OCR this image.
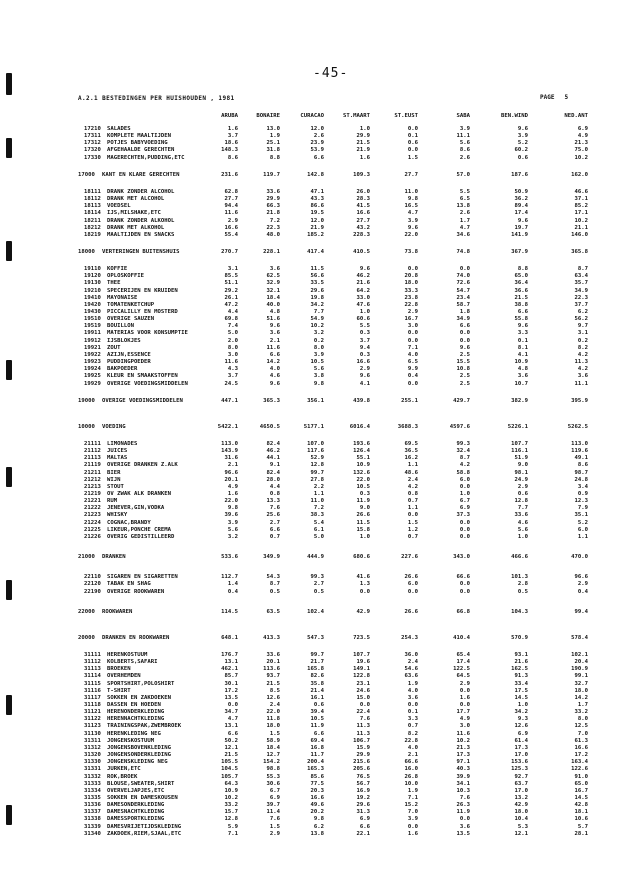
-45-
A.2.1 BESTEDINGEN PER HUISHOUDEN , 1981	PAGE 5
ARUBA	BONAIRE	CURACAO	ST.MAART	ST.EUST	SABA	BEN.WIND	NED.ANT
17210	SALADES	1.6	13.0	12.0	1.0	0.0	3.9	9.6	6.9
17311	KOMPLETE MAALTIJDEN	3.7	1.9	2.6	29.9	0.1	11.1	3.9	4.9
17312	POTJES BABYVOEDING	18.6	25.1	23.9	21.5	0.6	5.6	5.2	21.3
17320	AFGEHAALDE GERECHTEN	148.3	31.8	53.9	21.9	0.0	8.6	60.2	75.0
17330	MAGERECHTEN,PUDDING,ETC	8.6	8.8	6.6	1.6	1.5	2.6	0.6	10.2
17000	KANT EN KLARE GERECHTEN	231.6	119.7	142.8	109.3	27.7	57.0	187.6	162.0
18111	DRANK ZONDER ALCOHOL	62.8	33.6	47.1	26.0	11.0	5.5	50.9	46.6
18112	DRANK MET ALCOHOL	27.7	29.9	43.3	28.3	9.8	6.5	36.2	37.1
18113	VOEDSEL	94.4	66.3	86.6	41.5	16.5	13.8	89.4	85.2
18114	IJS,MILSHAKE,ETC	11.6	21.8	19.5	16.6	4.7	2.6	17.4	17.1
18211	DRANK ZONDER ALKOHOL	2.9	7.2	12.0	27.7	3.9	1.7	9.6	10.2
18212	DRANK MET ALKOHOL	16.6	22.3	21.9	43.2	9.6	4.7	19.7	21.1
18219	MAALTIJDEN EN SNACKS	55.4	48.0	185.2	228.3	22.0	34.6	141.9	146.0
18000	VERTERINGEN BUITENSHUIS	270.7	228.1	417.4	410.5	73.8	74.8	367.9	365.8
19110	KOFFIE	3.1	3.6	11.5	9.6	0.0	0.0	8.8	8.7
19120	OPLOSKOFFIE	85.5	62.5	56.6	46.2	20.8	74.0	65.0	63.4
19130	THEE	51.1	32.9	33.5	21.6	18.0	72.6	36.4	35.7
19210	SPECERIJEN EN KRUIDEN	29.2	32.1	29.6	64.2	33.3	54.7	36.6	34.9
19410	MAYONAISE	26.1	18.4	19.8	33.0	23.8	23.4	21.5	22.3
19420	TOMATENKETCHUP	47.2	40.0	34.2	47.6	22.8	58.7	38.8	37.7
19430	PICCALILLY EN MOSTERD	4.4	4.8	7.7	1.0	2.9	1.8	6.6	6.2
19510	OVERIGE SAUZEN	69.8	51.6	54.9	60.6	16.7	34.9	55.8	56.2
19519	BOUILLON	7.4	9.6	10.2	5.5	3.0	6.6	9.6	9.7
19911	MATERIAS VOOR KONSUMPTIE	5.0	3.6	3.2	0.3	0.0	0.0	3.3	3.1
19912	IJSBLOKJES	2.0	2.1	0.2	3.7	0.0	0.0	0.1	0.2
19921	ZOUT	8.0	11.6	8.0	9.4	7.1	9.6	8.1	8.2
19922	AZIJN,ESSENCE	3.0	6.6	3.9	0.3	4.0	2.5	4.1	4.2
19923	PUDDINGPOEDER	11.6	14.2	10.5	16.6	6.5	15.5	10.9	11.3
19924	BAKPOEDER	4.3	4.0	5.6	2.9	9.9	10.8	4.8	4.2
19925	KLEUR EN SMAAKSTOFFEN	3.7	4.6	3.8	9.6	0.4	2.5	3.6	3.6
19929	OVERIGE VOEDINGSMIDDELEN	24.5	9.6	9.8	4.1	0.0	2.5	10.7	11.1
19000	OVERIGE VOEDINGSMIDDELEN	447.1	365.3	356.1	439.8	255.1	429.7	382.9	395.9
10000	VOEDING	5422.1	4650.5	5177.1	6016.4	3688.3	4597.6	5226.1	5262.5
21111	LIMONADES	113.0	82.4	107.0	193.6	69.5	99.3	107.7	113.0
21112	JUICES	143.9	46.2	117.6	126.4	36.5	32.4	116.1	119.6
21113	MALTAS	31.6	44.1	52.9	55.1	16.2	8.7	51.9	49.1
21119	OVERIGE DRANKEN Z.ALK	2.1	9.1	12.8	10.9	1.1	4.2	9.0	8.6
21211	BIER	96.6	82.4	99.7	132.6	48.6	58.8	98.1	98.7
21212	WIJN	20.1	28.0	27.8	22.0	2.4	6.0	24.9	24.8
21213	STOUT	4.9	4.4	2.2	10.5	4.2	0.0	2.9	3.4
21219	OV ZWAK ALK DRANKEN	1.6	0.8	1.1	0.3	0.8	1.0	0.6	0.9
21221	RUM	22.0	13.3	11.0	11.9	0.7	6.7	12.8	12.3
21222	JENEVER,GIN,VODKA	9.8	7.6	7.2	9.0	1.1	6.9	7.7	7.9
21223	WHISKY	39.6	25.6	38.3	26.6	0.0	37.3	33.6	35.1
21224	COGNAC,BRANDY	3.9	2.7	5.4	11.5	1.5	0.0	4.6	5.2
21225	LIKEUR,PONCHE CREMA	5.6	6.6	6.1	15.8	1.2	0.0	5.6	6.0
21226	OVERIG GEDISTILLEERD	3.2	0.7	5.0	1.0	0.7	0.0	1.0	1.1
21000	DRANKEN	533.6	349.9	444.9	680.6	227.6	343.0	466.6	470.0
22110	SIGAREN EN SIGARETTEN	112.7	54.3	99.3	41.6	26.6	66.6	101.3	96.6
22120	TABAK EN SHAG	1.4	8.7	2.7	1.3	6.0	0.0	2.8	2.9
22190	OVERIGE ROOKWAREN	0.4	0.5	0.5	0.0	0.0	0.0	0.5	0.4
22000	ROOKWAREN	114.5	63.5	102.4	42.9	26.6	66.8	104.3	99.4
20000	DRANKEN EN ROOKWAREN	648.1	413.3	547.3	723.5	254.3	410.4	570.9	578.4
31111	HERENKOSTUUM	176.7	33.6	99.7	107.7	36.0	65.4	93.1	102.1
31112	KOLBERTS,SAFARI	13.1	20.1	21.7	19.6	2.4	17.4	21.6	20.4
31113	BROEKEN	462.1	113.6	165.8	149.1	54.6	122.5	162.5	190.9
31114	OVERHEMDEN	85.7	93.7	82.6	122.8	63.6	64.5	91.3	99.1
31115	SPORTSHIRT,POLOSHIRT	30.1	21.5	35.8	23.1	1.9	2.9	33.4	32.7
31116	T-SHIRT	17.2	8.5	21.4	24.6	4.0	0.0	17.5	18.0
31117	SOKKEN EN ZAKDOEKEN	13.5	12.6	16.1	15.0	3.6	1.6	14.5	14.2
31118	DASSEN EN HOEDEN	0.0	2.4	0.6	0.0	0.0	0.0	1.0	1.7
31121	HERENONDERKLEDING	34.7	22.0	39.4	22.4	0.1	17.7	34.2	33.2
31122	HERENNACHTKLEDING	4.7	11.8	10.5	7.6	3.3	4.9	9.3	8.0
31123	TRAININGSPAK,ZWEMBROEK	13.1	18.0	11.9	11.3	0.7	3.0	12.6	12.5
31130	HERENKLEDING NEG	6.6	1.5	6.6	11.3	8.2	11.6	6.9	7.0
31311	JONGENSKOSTUUM	50.2	58.9	69.4	106.7	22.8	10.2	61.4	61.3
31312	JONGENSBOVENKLEDING	12.1	18.4	16.8	15.9	4.0	21.3	17.3	16.6
31320	JONGENSONDERKLEDING	21.5	12.7	11.7	29.9	2.1	17.3	17.0	17.2
31330	JONGENSKLEDING NEG	105.5	154.2	200.4	215.6	66.6	97.1	153.6	163.4
31331	JURKEN,ETC	104.5	98.8	165.3	205.6	16.0	40.3	125.3	122.6
31332	ROK,BROEK	105.7	55.3	85.6	76.5	26.8	39.9	92.7	91.0
31333	BLOUSE,SWEATER,SHIRT	64.3	30.6	77.5	56.7	10.0	34.1	63.7	65.0
31334	OVERVELJAPJES,ETC	10.9	6.7	20.3	16.9	1.9	10.3	17.0	16.7
31335	SOKKEN EN DAMESKOUSEN	10.2	6.9	16.6	19.2	7.1	7.6	13.2	14.5
31336	DAMESONDERKLEDING	33.2	39.7	49.6	29.6	15.2	26.3	42.9	42.8
31337	DAMESNACHTKLEDING	15.7	11.4	20.2	31.3	7.0	11.9	18.0	18.1
31338	DAMESSPORTKLEDING	12.8	7.6	9.8	6.9	3.9	0.0	10.4	10.6
31339	DAMESVRIJETIJDSKLEDING	5.9	1.5	6.2	6.6	0.0	3.6	5.3	5.7
31340	ZAKDOEK,RIEM,SJAAL,ETC	7.1	2.9	13.8	22.1	1.6	13.5	12.1	28.1
